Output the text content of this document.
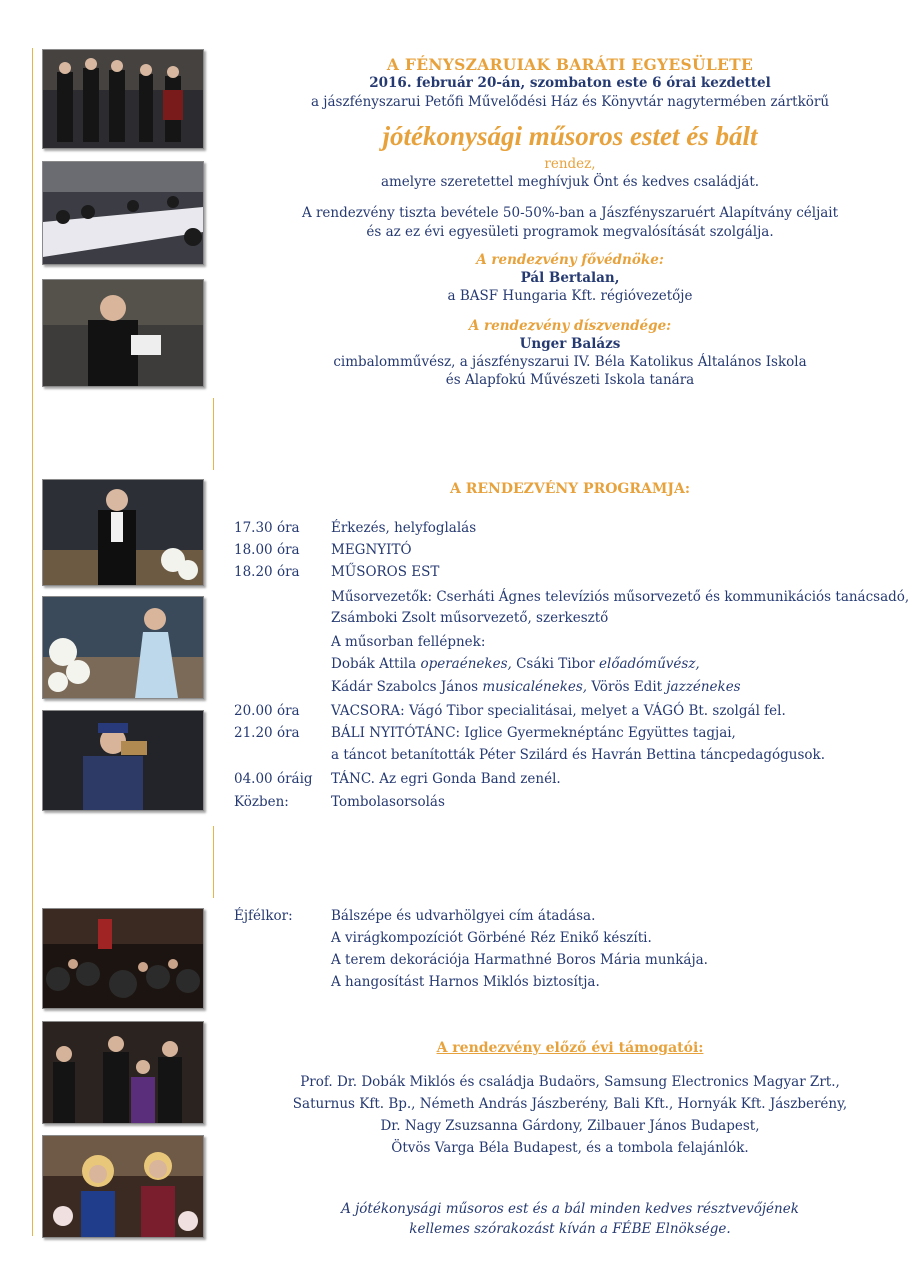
A FÉNYSZARUIAK BARÁTI EGYESÜLETE
2016. február 20-án, szombaton este 6 órai kezdettel
a jászfényszarui Petőfi Művelődési Ház és Könyvtár nagytermében zártkörű
jótékonysági műsoros estet és bált
rendez,
amelyre szeretettel meghívjuk Önt és kedves családját.
A rendezvény tiszta bevétele 50-50%-ban a Jászfényszaruért Alapítvány céljait
és az ez évi egyesületi programok megvalósítását szolgálja.
A rendezvény fővédnöke:
Pál Bertalan,
a BASF Hungaria Kft. régióvezetője
A rendezvény díszvendége:
Unger Balázs
cimbalomművész, a jászfényszarui IV. Béla Katolikus Általános Iskola
és Alapfokú Művészeti Iskola tanára
A RENDEZVÉNY PROGRAMJA:
17.30 óra	Érkezés, helyfoglalás
18.00 óra	MEGNYITÓ
18.20 óra	MŰSOROS EST
Műsorvezetők: Cserháti Ágnes televíziós műsorvezető és kommunikációs tanácsadó,
Zsámboki Zsolt műsorvezető, szerkesztő
A műsorban fellépnek:
Dobák Attila operaénekes, Csáki Tibor előadóművész,
Kádár Szabolcs János musicalénekes, Vörös Edit jazzénekes
20.00 óra	VACSORA: Vágó Tibor specialitásai, melyet a VÁGÓ Bt. szolgál fel.
21.20 óra	BÁLI NYITÓTÁNC: Iglice Gyermeknéptánc Együttes tagjai,
a táncot betanították Péter Szilárd és Havrán Bettina táncpedagógusok.
04.00 óráig	TÁNC. Az egri Gonda Band zenél.
Közben:	Tombolasorsolás
Éjfélkor:	Bálszépe és udvarhölgyei cím átadása.
A virágkompozíciót Görbéné Réz Enikő készíti.
A terem dekorációja Harmathné Boros Mária munkája.
A hangosítást Harnos Miklós biztosítja.
A rendezvény előző évi támogatói:
Prof. Dr. Dobák Miklós és családja Budaörs, Samsung Electronics Magyar Zrt.,
Saturnus Kft. Bp., Németh András Jászberény, Bali Kft., Hornyák Kft. Jászberény,
Dr. Nagy Zsuzsanna Gárdony, Zilbauer János Budapest,
Ötvös Varga Béla Budapest, és a tombola felajánlók.
A jótékonysági műsoros est és a bál minden kedves résztvevőjének
kellemes szórakozást kíván a FÉBE Elnöksége.
